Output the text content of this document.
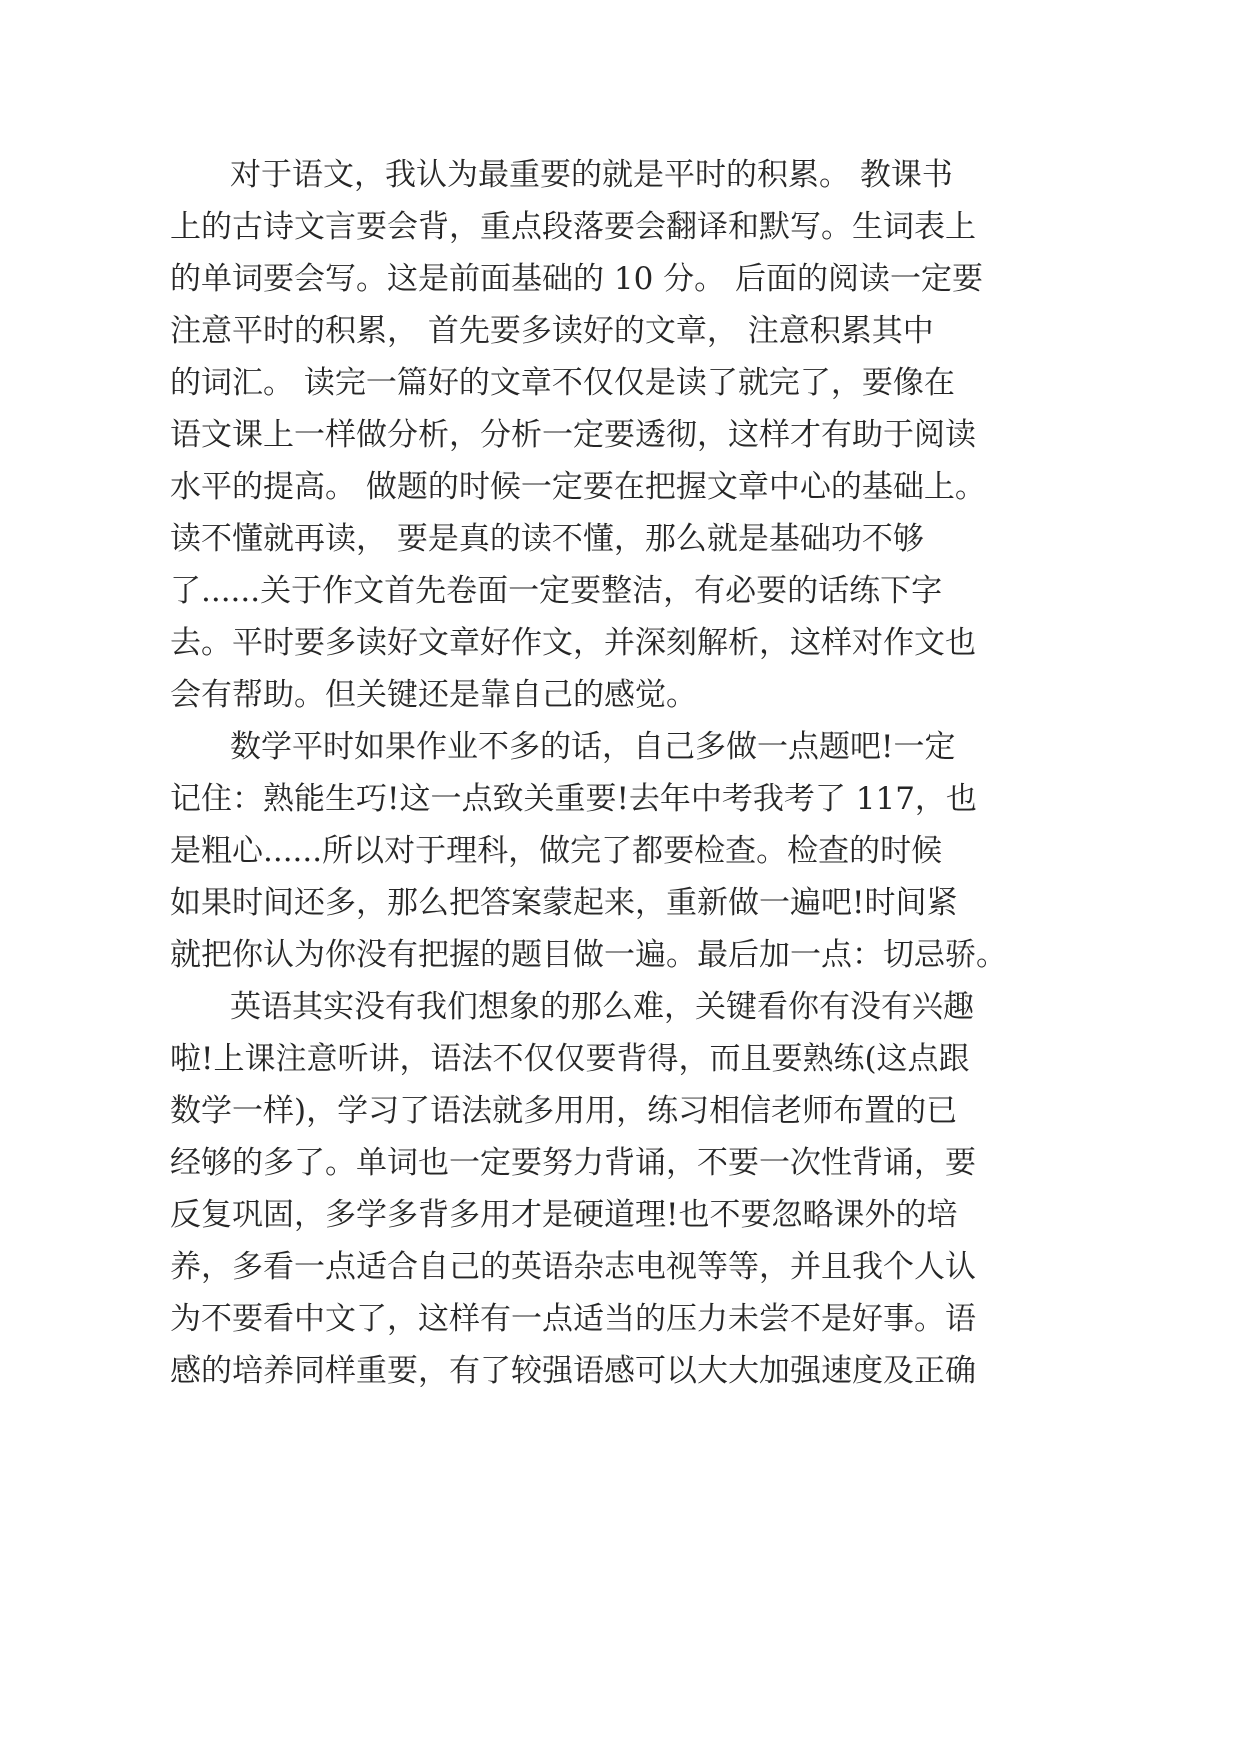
对于语文，我认为最重要的就是平时的积累。 教课书
上的古诗文言要会背，重点段落要会翻译和默写。生词表上
的单词要会写。这是前面基础的 10 分。 后面的阅读一定要
注意平时的积累， 首先要多读好的文章， 注意积累其中
的词汇。 读完一篇好的文章不仅仅是读了就完了，要像在
语文课上一样做分析，分析一定要透彻，这样才有助于阅读
水平的提高。 做题的时候一定要在把握文章中心的基础上。
读不懂就再读， 要是真的读不懂，那么就是基础功不够
了......关于作文首先卷面一定要整洁，有必要的话练下字
去。平时要多读好文章好作文，并深刻解析，这样对作文也
会有帮助。但关键还是靠自己的感觉。
数学平时如果作业不多的话，自己多做一点题吧!一定
记住：熟能生巧!这一点致关重要!去年中考我考了 117，也
是粗心......所以对于理科，做完了都要检查。检查的时候
如果时间还多，那么把答案蒙起来，重新做一遍吧!时间紧
就把你认为你没有把握的题目做一遍。最后加一点：切忌骄。
英语其实没有我们想象的那么难，关键看你有没有兴趣
啦!上课注意听讲，语法不仅仅要背得，而且要熟练(这点跟
数学一样)，学习了语法就多用用，练习相信老师布置的已
经够的多了。单词也一定要努力背诵，不要一次性背诵，要
反复巩固，多学多背多用才是硬道理!也不要忽略课外的培
养，多看一点适合自己的英语杂志电视等等，并且我个人认
为不要看中文了，这样有一点适当的压力未尝不是好事。语
感的培养同样重要，有了较强语感可以大大加强速度及正确
